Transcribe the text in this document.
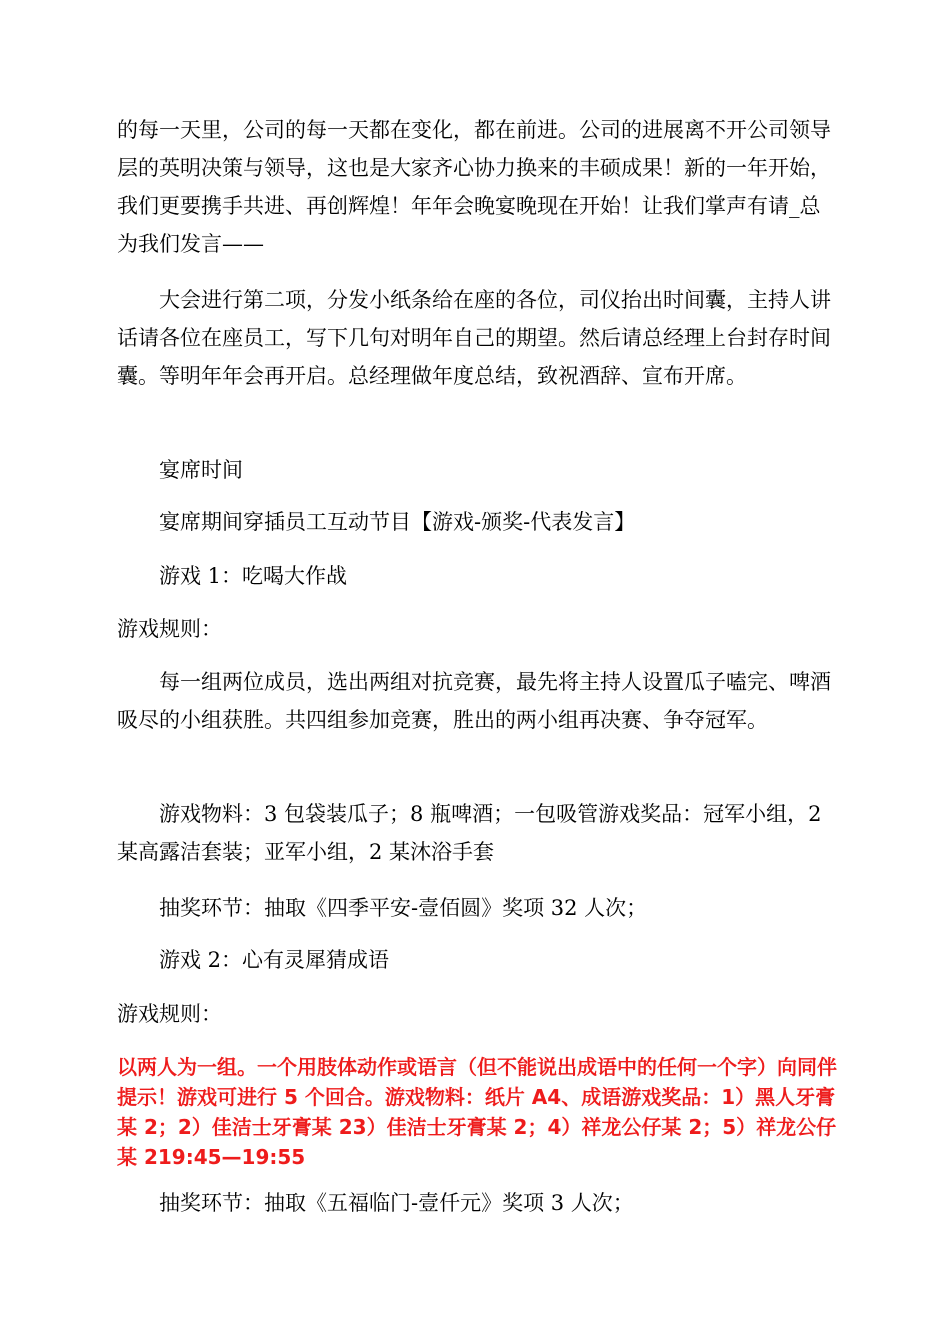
的每一天里，公司的每一天都在变化，都在前进。公司的进展离不开公司领导层的英明决策与领导，这也是大家齐心协力换来的丰硕成果！新的一年开始，我们更要携手共进、再创辉煌！年年会晚宴晚现在开始！让我们掌声有请_总为我们发言——
大会进行第二项，分发小纸条给在座的各位，司仪抬出时间囊，主持人讲话请各位在座员工，写下几句对明年自己的期望。然后请总经理上台封存时间囊。等明年年会再开启。总经理做年度总结，致祝酒辞、宣布开席。
宴席时间
宴席期间穿插员工互动节目【游戏-颁奖-代表发言】
游戏 1：吃喝大作战
游戏规则：
每一组两位成员，选出两组对抗竞赛，最先将主持人设置瓜子嗑完、啤酒吸尽的小组获胜。共四组参加竞赛，胜出的两小组再决赛、争夺冠军。
游戏物料：3 包袋装瓜子；8 瓶啤酒；一包吸管游戏奖品：冠军小组，2 某高露洁套装；亚军小组，2 某沐浴手套
抽奖环节：抽取《四季平安-壹佰圆》奖项 32 人次；
游戏 2：心有灵犀猜成语
游戏规则：
以两人为一组。一个用肢体动作或语言（但不能说出成语中的任何一个字）向同伴提示！游戏可进行 5 个回合。游戏物料：纸片 A4、成语游戏奖品：1）黑人牙膏某 2；2）佳洁士牙膏某 23）佳洁士牙膏某 2；4）祥龙公仔某 2；5）祥龙公仔某 219:45—19:55
抽奖环节：抽取《五福临门-壹仟元》奖项 3 人次；
